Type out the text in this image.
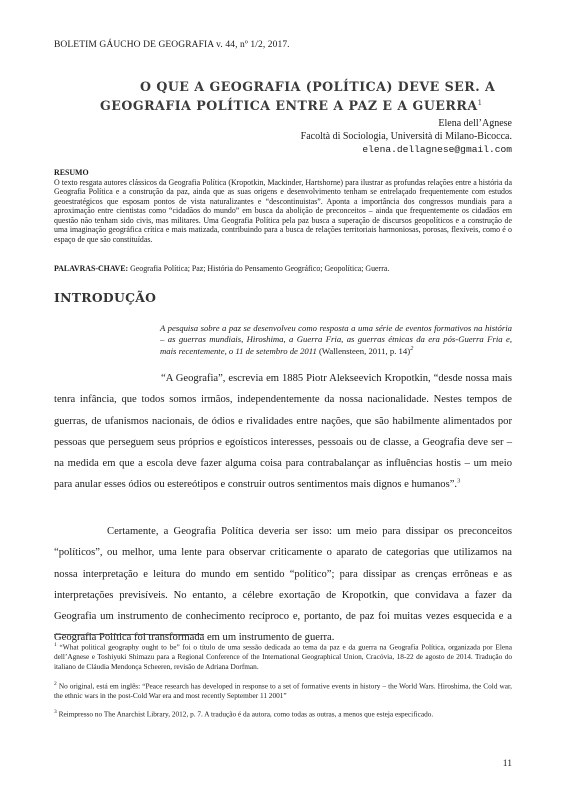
BOLETIM GÁUCHO DE GEOGRAFIA v. 44, nº 1/2, 2017.
O QUE A GEOGRAFIA (POLÍTICA) DEVE SER. A
GEOGRAFIA POLÍTICA ENTRE A PAZ E A GUERRA$^1$
Elena dell’Agnese
Facoltà di Sociologia, Università di Milano-Bicocca.
elena.dellagnese@gmail.com
RESUMO
O texto resgata autores clássicos da Geografia Política (Kropotkin, Mackinder, Hartshorne) para ilustrar as profundas relações entre a história da Geografia Política e a construção da paz, ainda que as suas origens e desenvolvimento tenham se entrelaçado frequentemente com estudos geoestratégicos que esposam pontos de vista naturalizantes e “descontinuistas”. Aponta a importância dos congressos mundiais para a aproximação entre cientistas como “cidadãos do mundo” em busca da abolição de preconceitos – ainda que frequentemente os cidadãos em questão não tenham sido civis, mas militares. Uma Geografia Política pela paz busca a superação de discursos geopolíticos e a construção de uma imaginação geográfica crítica e mais matizada, contribuindo para a busca de relações territoriais harmoniosas, porosas, flexíveis, como é o espaço de que são constituídas.
PALAVRAS-CHAVE: Geografia Política; Paz; História do Pensamento Geográfico; Geopolítica; Guerra.
INTRODUÇÃO
A pesquisa sobre a paz se desenvolveu como resposta a uma série de eventos formativos na história – as guerras mundiais, Hiroshima, a Guerra Fria, as guerras étnicas da era pós-Guerra Fria e, mais recentemente, o 11 de setembro de 2011 (Wallensteen, 2011, p. 14)$^2$
“A Geografia”, escrevia em 1885 Piotr Alekseevich Kropotkin, “desde nossa mais tenra infância, que todos somos irmãos, independentemente da nossa nacionalidade. Nestes tempos de guerras, de ufanismos nacionais, de ódios e rivalidades entre nações, que são habilmente alimentados por pessoas que perseguem seus próprios e egoísticos interesses, pessoais ou de classe, a Geografia deve ser – na medida em que a escola deve fazer alguma coisa para contrabalançar as influências hostis – um meio para anular esses ódios ou estereótipos e construir outros sentimentos mais dignos e humanos”.$^3$
Certamente, a Geografia Política deveria ser isso: um meio para dissipar os preconceitos “políticos”, ou melhor, uma lente para observar criticamente o aparato de categorias que utilizamos na nossa interpretação e leitura do mundo em sentido “político”; para dissipar as crenças errôneas e as interpretações previsíveis. No entanto, a célebre exortação de Kropotkin, que convidava a fazer da Geografia um instrumento de conhecimento recíproco e, portanto, de paz foi muitas vezes esquecida e a Geografia Política foi transformada em um instrumento de guerra.
$^1$ “What political geography ought to be” foi o título de uma sessão dedicada ao tema da paz e da guerra na Geografia Política, organizada por Elena dell’Agnese e Toshiyuki Shimazu para a Regional Conference of the International Geographical Union, Cracóvia, 18-22 de agosto de 2014. Tradução do italiano de Cláudia Mendonça Scheeren, revisão de Adriana Dorfman.
$^2$ No original, está em inglês: “Peace research has developed in response to a set of formative events in history – the World Wars. Hiroshima, the Cold war, the ethnic wars in the post-Cold War era and most recently September 11 2001”
$^3$ Reimpresso no The Anarchist Library, 2012, p. 7. A tradução é da autora, como todas as outras, a menos que esteja especificado.
11
